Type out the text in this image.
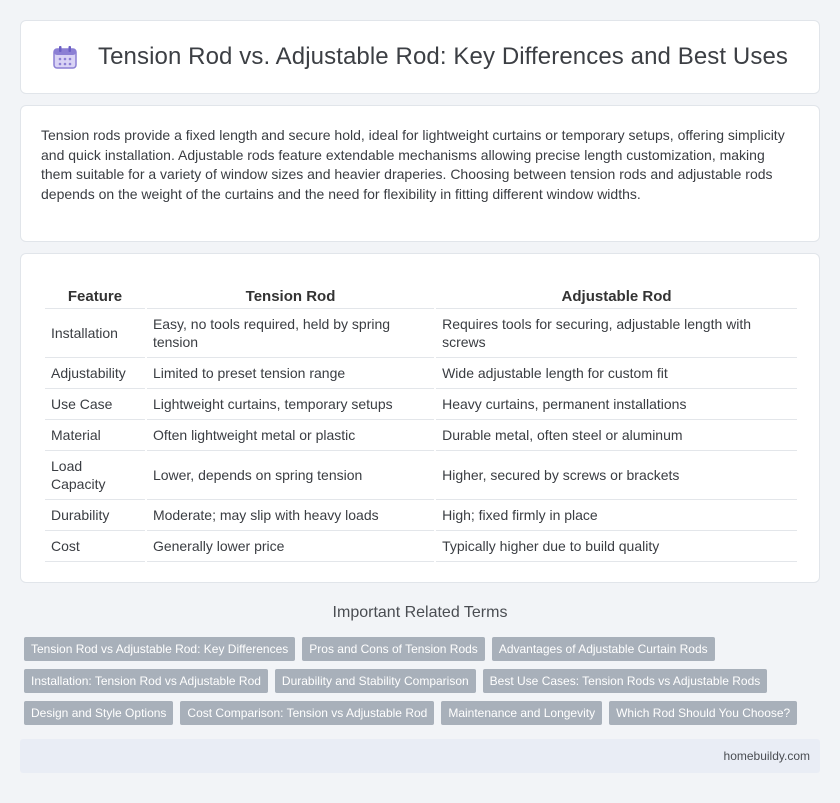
Tension Rod vs. Adjustable Rod: Key Differences and Best Uses

Tension rods provide a fixed length and secure hold, ideal for lightweight curtains or temporary setups, offering simplicity and quick installation. Adjustable rods feature extendable mechanisms allowing precise length customization, making them suitable for a variety of window sizes and heavier draperies. Choosing between tension rods and adjustable rods depends on the weight of the curtains and the need for flexibility in fitting different window widths.

Feature	Tension Rod	Adjustable Rod
Installation	Easy, no tools required, held by spring tension	Requires tools for securing, adjustable length with screws
Adjustability	Limited to preset tension range	Wide adjustable length for custom fit
Use Case	Lightweight curtains, temporary setups	Heavy curtains, permanent installations
Material	Often lightweight metal or plastic	Durable metal, often steel or aluminum
Load Capacity	Lower, depends on spring tension	Higher, secured by screws or brackets
Durability	Moderate; may slip with heavy loads	High; fixed firmly in place
Cost	Generally lower price	Typically higher due to build quality
Important Related Terms
Tension Rod vs Adjustable Rod: Key Differences	Pros and Cons of Tension Rods	Advantages of Adjustable Curtain Rods
Installation: Tension Rod vs Adjustable Rod	Durability and Stability Comparison	Best Use Cases: Tension Rods vs Adjustable Rods
Design and Style Options	Cost Comparison: Tension vs Adjustable Rod	Maintenance and Longevity	Which Rod Should You Choose?
homebuildy.com
